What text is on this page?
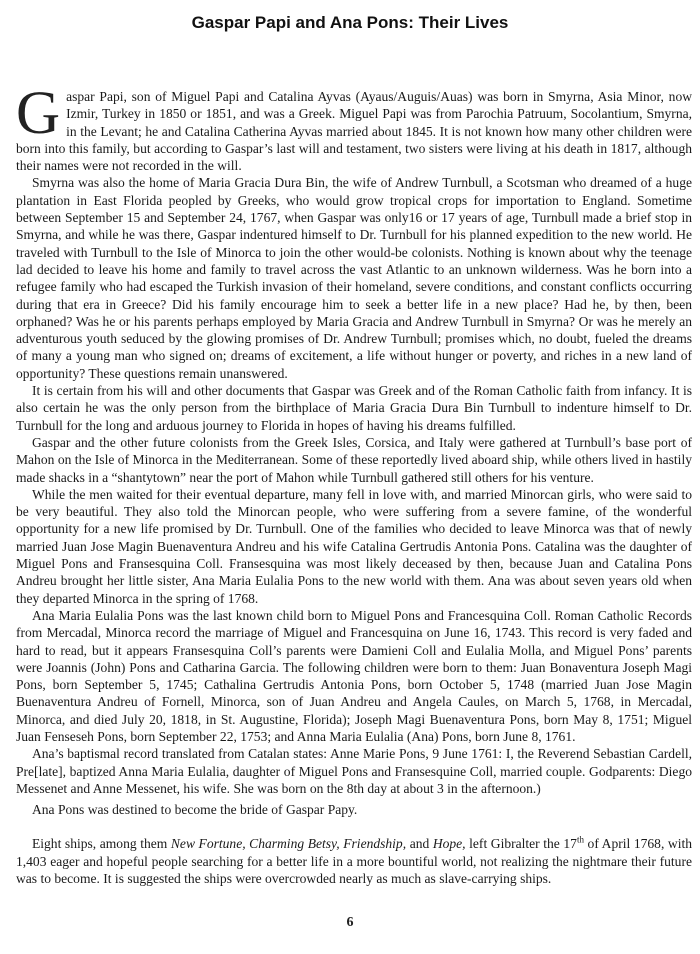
Gaspar Papi and Ana Pons: Their Lives

Gaspar Papi, son of Miguel Papi and Catalina Ayvas (Ayaus/Auguis/Auas) was born in Smyrna, Asia Minor, now Izmir, Turkey in 1850 or 1851, and was a Greek. Miguel Papi was from Parochia Patruum, Socolantium, Smyrna, in the Levant; he and Catalina Catherina Ayvas married about 1845. It is not known how many other children were born into this family, but according to Gaspar’s last will and testament, two sisters were living at his death in 1817, although their names were not recorded in the will.

Smyrna was also the home of Maria Gracia Dura Bin, the wife of Andrew Turnbull, a Scotsman who dreamed of a huge plantation in East Florida peopled by Greeks, who would grow tropical crops for importation to England. Sometime between September 15 and September 24, 1767, when Gaspar was only16 or 17 years of age, Turnbull made a brief stop in Smyrna, and while he was there, Gaspar indentured himself to Dr. Turnbull for his planned expedition to the new world. He traveled with Turnbull to the Isle of Minorca to join the other would-be colonists. Nothing is known about why the teenage lad decided to leave his home and family to travel across the vast Atlantic to an unknown wilderness. Was he born into a refugee family who had escaped the Turkish invasion of their homeland, severe conditions, and constant conflicts occurring during that era in Greece? Did his family encourage him to seek a better life in a new place? Had he, by then, been orphaned? Was he or his parents perhaps employed by Maria Gracia and Andrew Turnbull in Smyrna? Or was he merely an adventurous youth seduced by the glowing promises of Dr. Andrew Turnbull; promises which, no doubt, fueled the dreams of many a young man who signed on; dreams of excitement, a life without hunger or poverty, and riches in a new land of opportunity? These questions remain unanswered.

It is certain from his will and other documents that Gaspar was Greek and of the Roman Catholic faith from infancy. It is also certain he was the only person from the birthplace of Maria Gracia Dura Bin Turnbull to indenture himself to Dr. Turnbull for the long and arduous journey to Florida in hopes of having his dreams fulfilled.

Gaspar and the other future colonists from the Greek Isles, Corsica, and Italy were gathered at Turnbull’s base port of Mahon on the Isle of Minorca in the Mediterranean. Some of these reportedly lived aboard ship, while others lived in hastily made shacks in a “shantytown” near the port of Mahon while Turnbull gathered still others for his venture.

While the men waited for their eventual departure, many fell in love with, and married Minorcan girls, who were said to be very beautiful. They also told the Minorcan people, who were suffering from a severe famine, of the wonderful opportunity for a new life promised by Dr. Turnbull. One of the families who decided to leave Minorca was that of newly married Juan Jose Magin Buenaventura Andreu and his wife Catalina Gertrudis Antonia Pons. Catalina was the daughter of Miguel Pons and Fransesquina Coll. Fransesquina was most likely deceased by then, because Juan and Catalina Pons Andreu brought her little sister, Ana Maria Eulalia Pons to the new world with them. Ana was about seven years old when they departed Minorca in the spring of 1768.

Ana Maria Eulalia Pons was the last known child born to Miguel Pons and Francesquina Coll. Roman Catholic Records from Mercadal, Minorca record the marriage of Miguel and Francesquina on June 16, 1743. This record is very faded and hard to read, but it appears Fransesquina Coll’s parents were Damieni Coll and Eulalia Molla, and Miguel Pons’ parents were Joannis (John) Pons and Catharina Garcia. The following children were born to them: Juan Bonaventura Joseph Magi Pons, born September 5, 1745; Cathalina Gertrudis Antonia Pons, born October 5, 1748 (married Juan Jose Magin Buenaventura Andreu of Fornell, Minorca, son of Juan Andreu and Angela Caules, on March 5, 1768, in Mercadal, Minorca, and died July 20, 1818, in St. Augustine, Florida); Joseph Magi Buenaventura Pons, born May 8, 1751; Miguel Juan Fenseseh Pons, born September 22, 1753; and Anna Maria Eulalia (Ana) Pons, born June 8, 1761.

Ana’s baptismal record translated from Catalan states: Anne Marie Pons, 9 June 1761: I, the Reverend Sebastian Cardell, Pre[late], baptized Anna Maria Eulalia, daughter of Miguel Pons and Fransesquine Coll, married couple. Godparents: Diego Messenet and Anne Messenet, his wife. She was born on the 8th day at about 3 in the afternoon.)

Ana Pons was destined to become the bride of Gaspar Papy.

Eight ships, among them New Fortune, Charming Betsy, Friendship, and Hope, left Gibralter the 17th of April 1768, with 1,403 eager and hopeful people searching for a better life in a more bountiful world, not realizing the nightmare their future was to become. It is suggested the ships were overcrowded nearly as much as slave-carrying ships.

6
